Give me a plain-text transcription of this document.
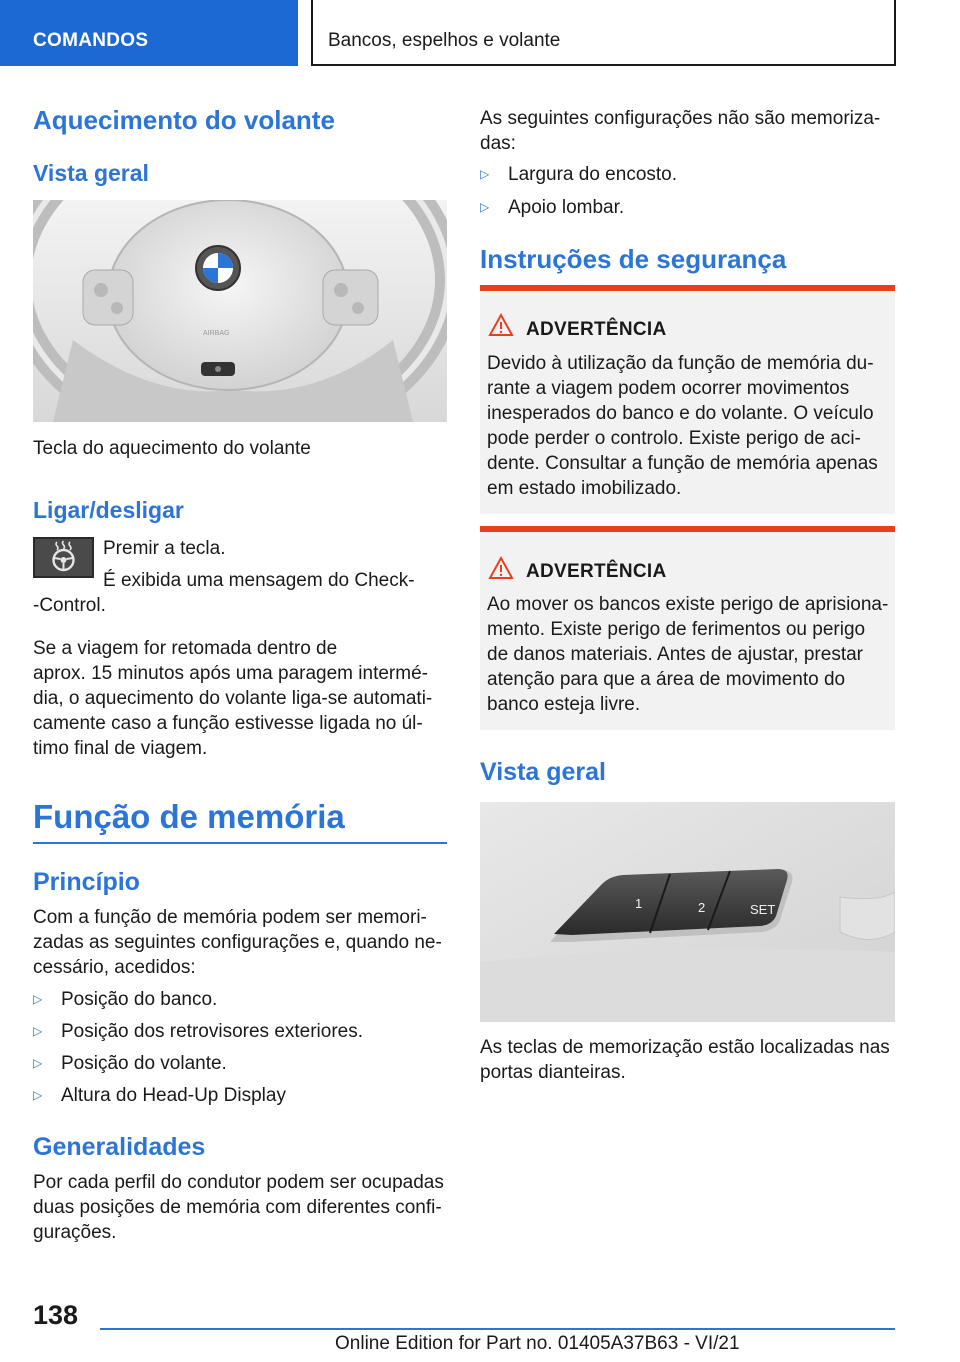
COMANDOS	Bancos, espelhos e volante
Aquecimento do volante
Vista geral
AIRBAG
Tecla do aquecimento do volante
Ligar/desligar
Premir a tecla.
É exibida uma mensagem do Check-
-Control.
Se a viagem for retomada dentro de
aprox. 15 minutos após uma paragem intermé-
dia, o aquecimento do volante liga-se automati-
camente caso a função estivesse ligada no úl-
timo final de viagem.
Função de memória
Princípio
Com a função de memória podem ser memori-
zadas as seguintes configurações e, quando ne-
cessário, acedidos:
▷ Posição do banco.
▷ Posição dos retrovisores exteriores.
▷ Posição do volante.
▷ Altura do Head-Up Display
Generalidades
Por cada perfil do condutor podem ser ocupadas
duas posições de memória com diferentes confi-
gurações.
As seguintes configurações não são memoriza-
das:
▷ Largura do encosto.
▷ Apoio lombar.
Instruções de segurança
ADVERTÊNCIA
Devido à utilização da função de memória du-
rante a viagem podem ocorrer movimentos
inesperados do banco e do volante. O veículo
pode perder o controlo. Existe perigo de aci-
dente. Consultar a função de memória apenas
em estado imobilizado.
ADVERTÊNCIA
Ao mover os bancos existe perigo de aprisiona-
mento. Existe perigo de ferimentos ou perigo
de danos materiais. Antes de ajustar, prestar
atenção para que a área de movimento do
banco esteja livre.
Vista geral
1	2	SET
As teclas de memorização estão localizadas nas
portas dianteiras.
138
Online Edition for Part no. 01405A37B63 - VI/21
